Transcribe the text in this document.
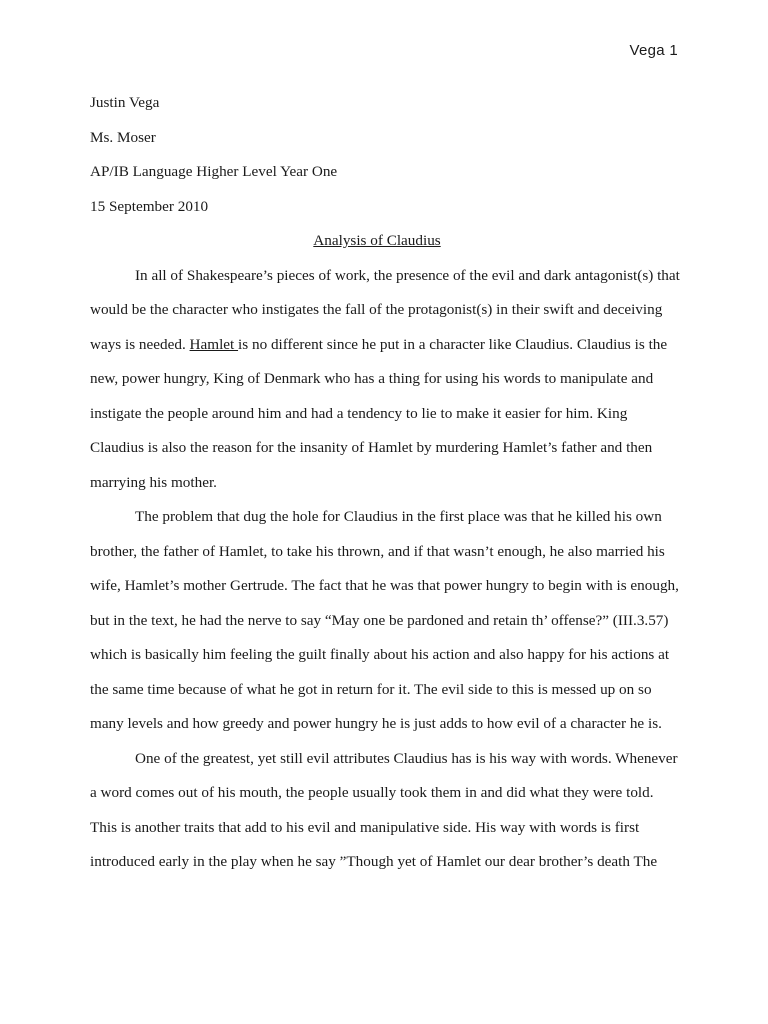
Vega 1
Justin Vega
Ms. Moser
AP/IB Language Higher Level Year One
15 September 2010
Analysis of Claudius
In all of Shakespeare’s pieces of work, the presence of the evil and dark antagonist(s) that
would be the character who instigates the fall of the protagonist(s) in their swift and deceiving
ways is needed. Hamlet is no different since he put in a character like Claudius. Claudius is the
new, power hungry, King of Denmark who has a thing for using his words to manipulate and
instigate the people around him and had a tendency to lie to make it easier for him. King
Claudius is also the reason for the insanity of Hamlet by murdering Hamlet’s father and then
marrying his mother.
The problem that dug the hole for Claudius in the first place was that he killed his own
brother, the father of Hamlet, to take his thrown, and if that wasn’t enough, he also married his
wife, Hamlet’s mother Gertrude. The fact that he was that power hungry to begin with is enough,
but in the text, he had the nerve to say “May one be pardoned and retain th’ offense?” (III.3.57)
which is basically him feeling the guilt finally about his action and also happy for his actions at
the same time because of what he got in return for it. The evil side to this is messed up on so
many levels and how greedy and power hungry he is just adds to how evil of a character he is.
One of the greatest, yet still evil attributes Claudius has is his way with words. Whenever
a word comes out of his mouth, the people usually took them in and did what they were told.
This is another traits that add to his evil and manipulative side. His way with words is first
introduced early in the play when he say ”Though yet of Hamlet our dear brother’s death The
